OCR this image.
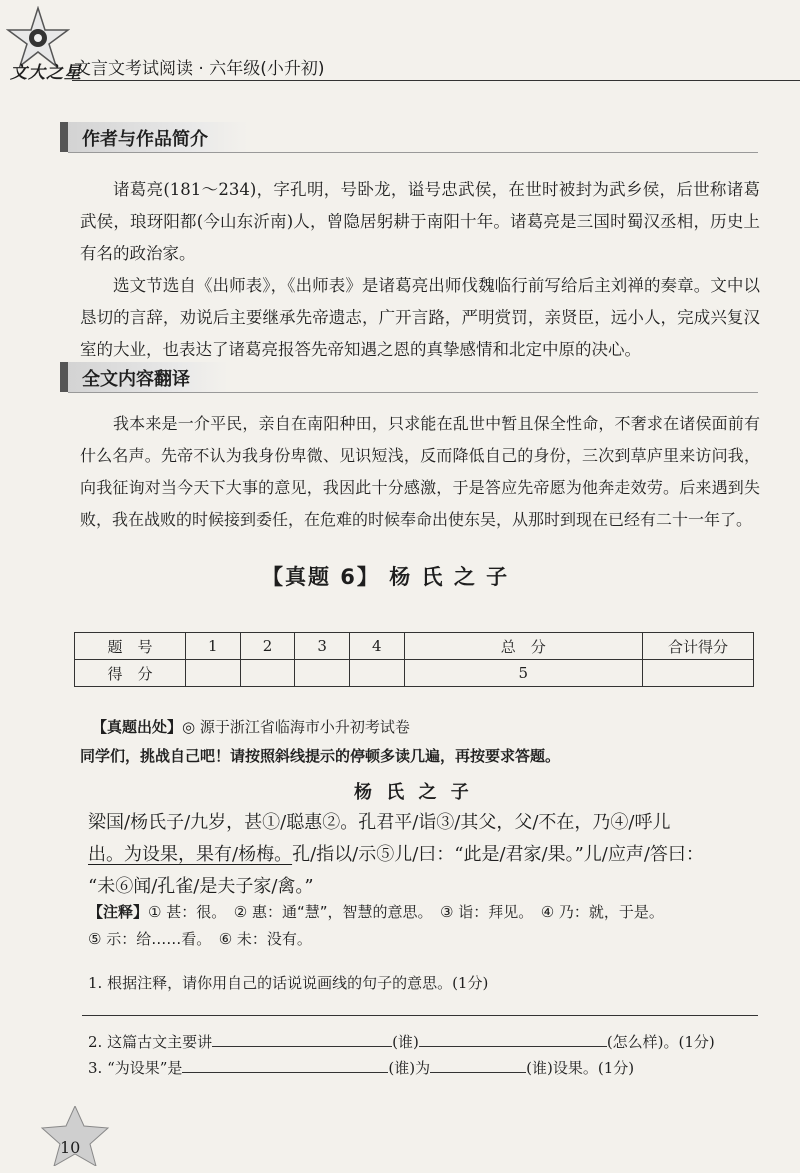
文大之星
文言文考试阅读 · 六年级(小升初)
作者与作品简介

诸葛亮(181～234)，字孔明，号卧龙，谥号忠武侯，在世时被封为武乡侯，后世称诸葛武侯，琅玡阳都(今山东沂南)人，曾隐居躬耕于南阳十年。诸葛亮是三国时蜀汉丞相，历史上有名的政治家。

选文节选自《出师表》，《出师表》是诸葛亮出师伐魏临行前写给后主刘禅的奏章。文中以恳切的言辞，劝说后主要继承先帝遗志，广开言路，严明赏罚，亲贤臣，远小人，完成兴复汉室的大业，也表达了诸葛亮报答先帝知遇之恩的真挚感情和北定中原的决心。

全文内容翻译

我本来是一介平民，亲自在南阳种田，只求能在乱世中暂且保全性命，不奢求在诸侯面前有什么名声。先帝不认为我身份卑微、见识短浅，反而降低自己的身份，三次到草庐里来访问我，向我征询对当今天下大事的意见，我因此十分感激，于是答应先帝愿为他奔走效劳。后来遇到失败，我在战败的时候接到委任，在危难的时候奉命出使东吴，从那时到现在已经有二十一年了。

【真题 6】 杨 氏 之 子
题　号	1	2	3	4	总　分	合计得分
得　分					5	
【真题出处】◎ 源于浙江省临海市小升初考试卷
同学们，挑战自己吧！请按照斜线提示的停顿多读几遍，再按要求答题。
杨 氏 之 子
梁国/杨氏子/九岁，甚①/聪惠②。孔君平/诣③/其父，父/不在，乃④/呼儿
出。为设果，果有/杨梅。孔/指以/示⑤儿/曰：“此是/君家/果。”儿/应声/答曰：
“未⑥闻/孔雀/是夫子家/禽。”
【注释】① 甚：很。　② 惠：通“慧”，智慧的意思。　③ 诣：拜见。　④ 乃：就，于是。
⑤ 示：给……看。　⑥ 未：没有。
1. 根据注释，请你用自己的话说说画线的句子的意思。(1分)
2. 这篇古文主要讲	(谁)	(怎么样)。(1分)
3. “为设果”是	(谁)为	(谁)设果。(1分)
10
